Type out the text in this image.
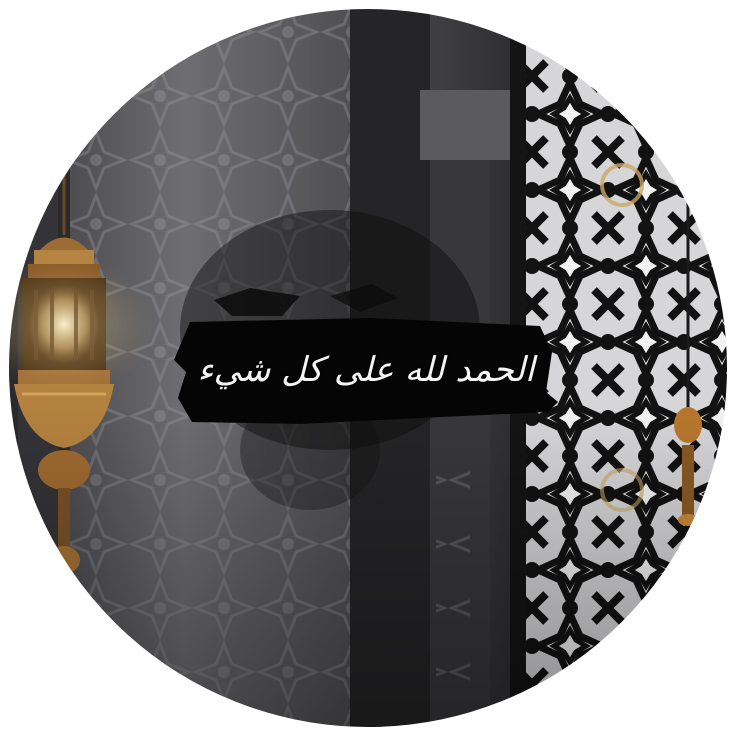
الحمد لله على كل شيء
